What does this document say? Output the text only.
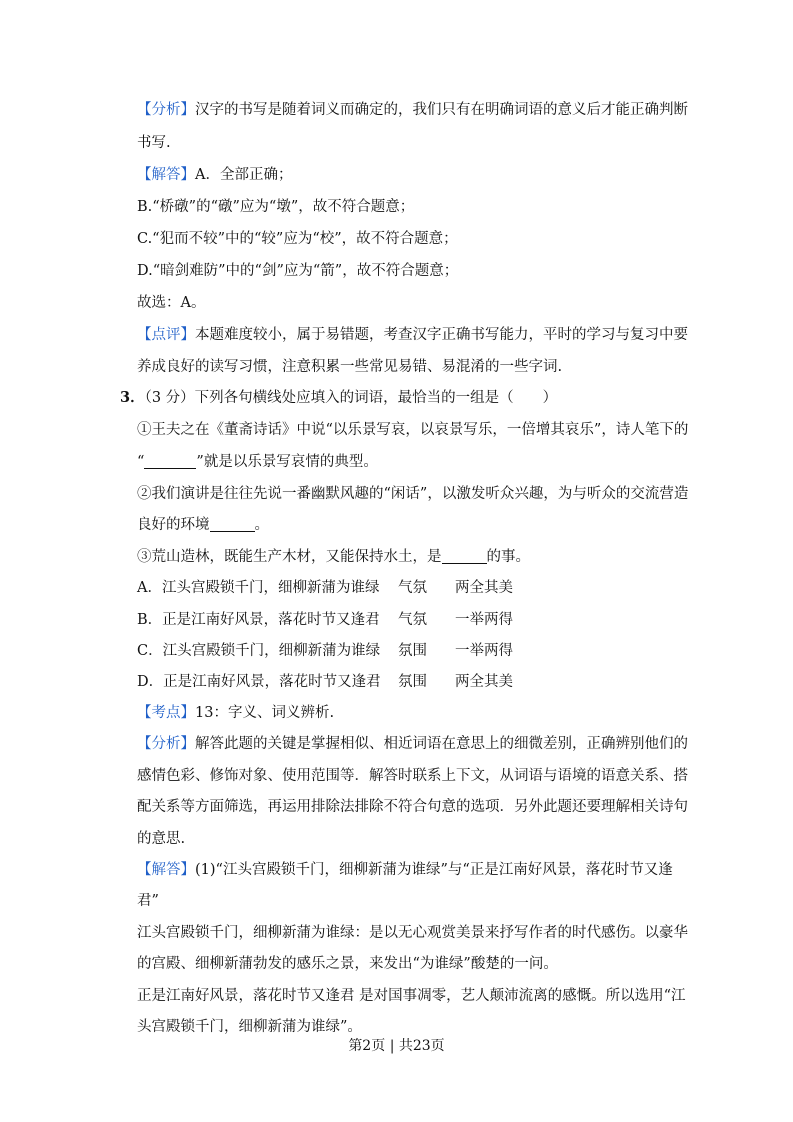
【分析】汉字的书写是随着词义而确定的，我们只有在明确词语的意义后才能正确判断
书写.
【解答】A．全部正确；
B.“桥礅”的“礅”应为“墩”，故不符合题意；
C.“犯而不较”中的“较”应为“校”，故不符合题意；
D.“暗剑难防”中的“剑”应为“箭”，故不符合题意；
故选：A。
【点评】本题难度较小，属于易错题，考查汉字正确书写能力，平时的学习与复习中要
养成良好的读写习惯，注意积累一些常见易错、易混淆的一些字词.
3．（3 分）下列各句横线处应填入的词语，最恰当的一组是（　　）
①王夫之在《董斋诗话》中说“以乐景写哀，以哀景写乐，一倍增其哀乐”，诗人笔下的
“	”就是以乐景写哀情的典型。
②我们演讲是往往先说一番幽默风趣的“闲话”，以激发听众兴趣，为与听众的交流营造
良好的环境	。
③荒山造林，既能生产木材，又能保持水土，是	的事。
A．江头宫殿锁千门，细柳新蒲为谁绿 气氛 两全其美
B．正是江南好风景，落花时节又逢君 气氛 一举两得
C．江头宫殿锁千门，细柳新蒲为谁绿 氛围 一举两得
D．正是江南好风景，落花时节又逢君 氛围 两全其美
【考点】13：字义、词义辨析.
【分析】解答此题的关键是掌握相似、相近词语在意思上的细微差别，正确辨别他们的
感情色彩、修饰对象、使用范围等．解答时联系上下文，从词语与语境的语意关系、搭
配关系等方面筛选，再运用排除法排除不符合句意的选项．另外此题还要理解相关诗句
的意思.
【解答】(1)“江头宫殿锁千门，细柳新蒲为谁绿”与“正是江南好风景，落花时节又逢
君”
江头宫殿锁千门，细柳新蒲为谁绿：是以无心观赏美景来抒写作者的时代感伤。以豪华
的宫殿、细柳新蒲勃发的感乐之景，来发出“为谁绿”酸楚的一问。
正是江南好风景，落花时节又逢君 是对国事凋零，艺人颠沛流离的感慨。所以选用“江
头宫殿锁千门，细柳新蒲为谁绿”。
第2页 | 共23页
